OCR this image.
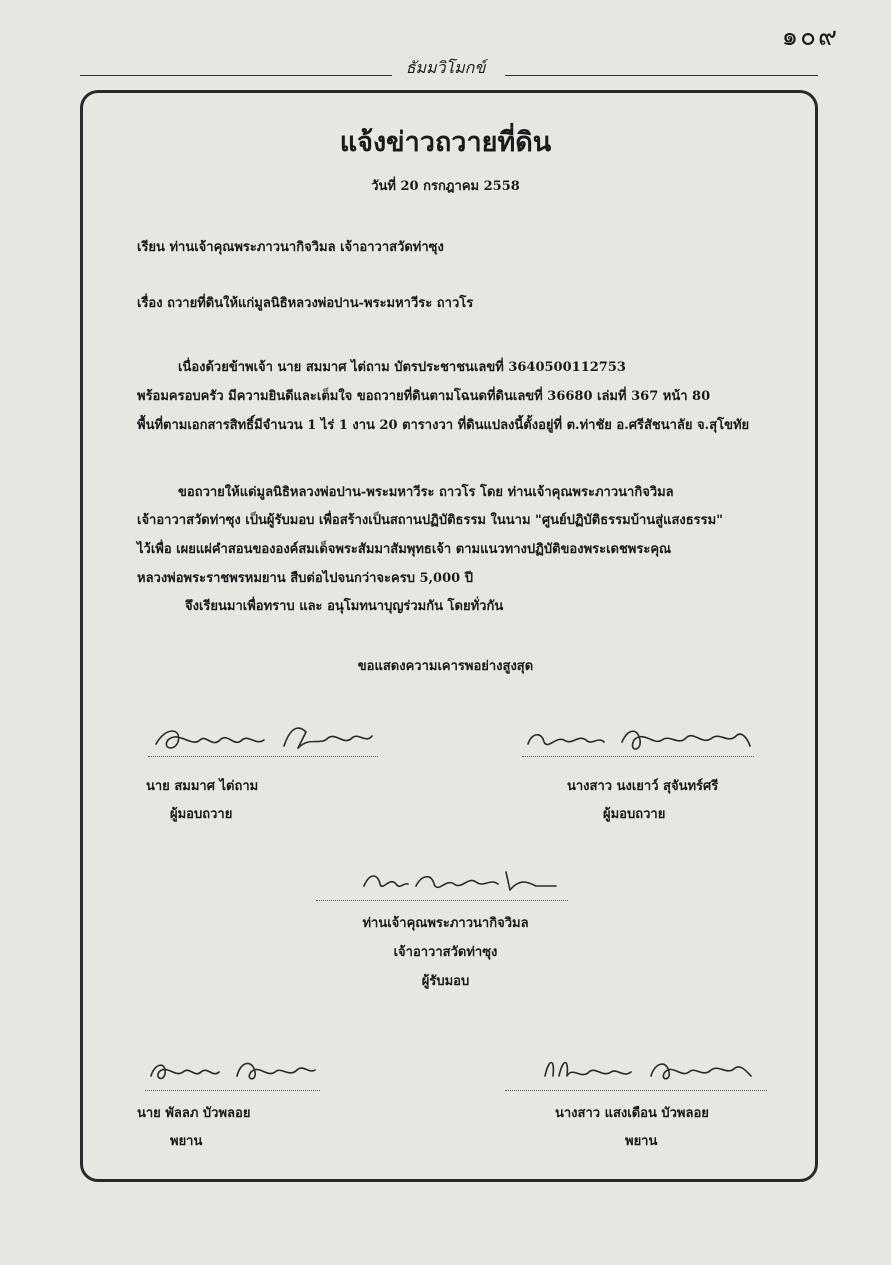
๑๐๙
ธัมมวิโมกข์
แจ้งข่าวถวายที่ดิน
วันที่ 20 กรกฎาคม 2558
เรียน ท่านเจ้าคุณพระภาวนากิจวิมล เจ้าอาวาสวัดท่าซุง
เรื่อง ถวายที่ดินให้แก่มูลนิธิหลวงพ่อปาน-พระมหาวีระ ถาวโร
เนื่องด้วยข้าพเจ้า นาย สมมาศ ไต่ถาม บัตรประชาชนเลขที่ 3640500112753
พร้อมครอบครัว มีความยินดีและเต็มใจ ขอถวายที่ดินตามโฉนดที่ดินเลขที่ 36680 เล่มที่ 367 หน้า 80
พื้นที่ตามเอกสารสิทธิ์มีจำนวน 1 ไร่ 1 งาน 20 ตารางวา ที่ดินแปลงนี้ตั้งอยู่ที่ ต.ท่าชัย อ.ศรีสัชนาลัย จ.สุโขทัย
ขอถวายให้แด่มูลนิธิหลวงพ่อปาน-พระมหาวีระ ถาวโร โดย ท่านเจ้าคุณพระภาวนากิจวิมล
เจ้าอาวาสวัดท่าซุง เป็นผู้รับมอบ เพื่อสร้างเป็นสถานปฏิบัติธรรม ในนาม "ศูนย์ปฏิบัติธรรมบ้านสู่แสงธรรม"
ไว้เพื่อ เผยแผ่คำสอนขององค์สมเด็จพระสัมมาสัมพุทธเจ้า ตามแนวทางปฏิบัติของพระเดชพระคุณ
หลวงพ่อพระราชพรหมยาน สืบต่อไปจนกว่าจะครบ 5,000 ปี
จึงเรียนมาเพื่อทราบ และ อนุโมทนาบุญร่วมกัน โดยทั่วกัน
ขอแสดงความเคารพอย่างสูงสุด
นาย สมมาศ ไต่ถาม
ผู้มอบถวาย
นางสาว นงเยาว์ สุจันทร์ศรี
ผู้มอบถวาย
ท่านเจ้าคุณพระภาวนากิจวิมล
เจ้าอาวาสวัดท่าซุง
ผู้รับมอบ
นาย พัลลภ บัวพลอย
พยาน
นางสาว แสงเดือน บัวพลอย
พยาน
